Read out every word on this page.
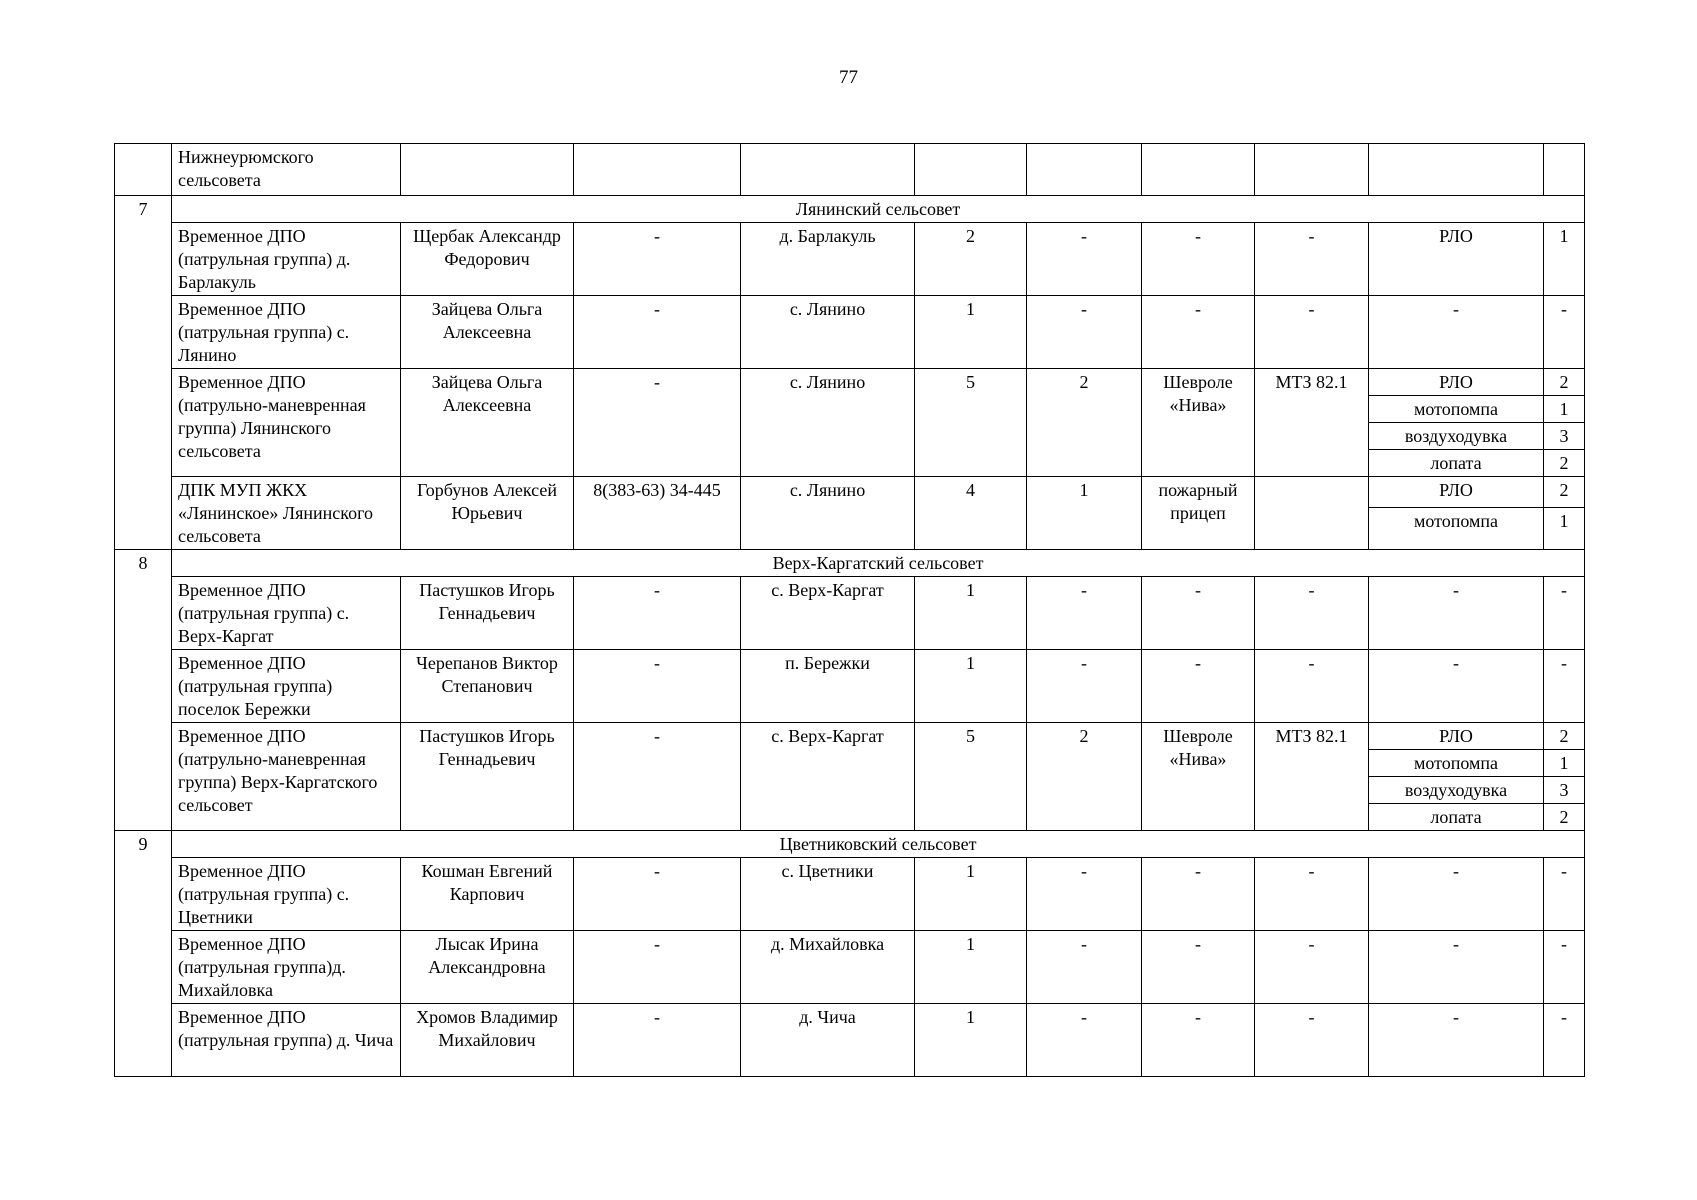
77
	Нижнеурюмского сельсовета									
7	Лянинский сельсовет									
	Временное ДПО (патрульная группа) д. Барлакуль	Щербак Александр Федорович	-	д. Барлакуль	2	-	-	-	РЛО	1
	Временное ДПО (патрульная группа) с. Лянино	Зайцева Ольга Алексеевна	-	с. Лянино	1	-	-	-	-	-
	Временное ДПО (патрульно-маневренная группа) Лянинского сельсовета	Зайцева Ольга Алексеевна	-	с. Лянино	5	2	Шевроле «Нива»	МТЗ 82.1	РЛО	2
									мотопомпа	1
									воздуходувка	3
									лопата	2
	ДПК МУП ЖКХ «Лянинское» Лянинского сельсовета	Горбунов Алексей Юрьевич	8(383-63) 34-445	с. Лянино	4	1	пожарный прицеп		РЛО	2
									мотопомпа	1
8	Верх-Каргатский сельсовет									
	Временное ДПО (патрульная группа) с. Верх-Каргат	Пастушков Игорь Геннадьевич	-	с. Верх-Каргат	1	-	-	-	-	-
	Временное ДПО (патрульная группа) поселок Бережки	Черепанов Виктор Степанович	-	п. Бережки	1	-	-	-	-	-
	Временное ДПО (патрульно-маневренная группа) Верх-Каргатского сельсовет	Пастушков Игорь Геннадьевич	-	с. Верх-Каргат	5	2	Шевроле «Нива»	МТЗ 82.1	РЛО	2
									мотопомпа	1
									воздуходувка	3
									лопата	2
9	Цветниковский сельсовет									
	Временное ДПО (патрульная группа) с. Цветники	Кошман Евгений Карпович	-	с. Цветники	1	-	-	-	-	-
	Временное ДПО (патрульная группа)д. Михайловка	Лысак Ирина Александровна	-	д. Михайловка	1	-	-	-	-	-
	Временное ДПО (патрульная группа) д. Чича	Хромов Владимир Михайлович	-	д. Чича	1	-	-	-	-	-
